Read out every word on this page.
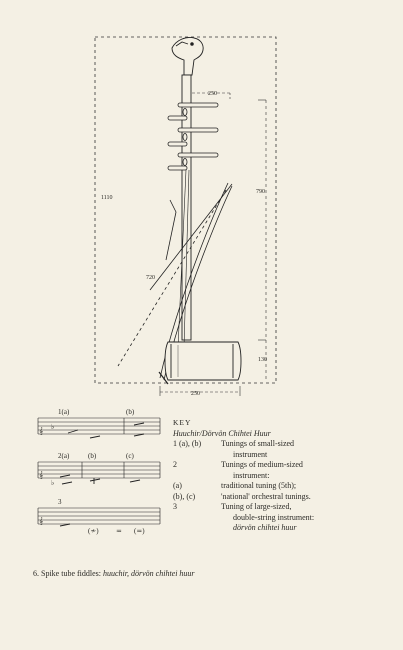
250
790
1110
130
250
720
𝄞 ♭
1(a)	(b)
𝄞
♭
2(a)	(b)	(c)
𝄞
3
(≁) ≂ (≂)
KEY
Huuchir/Dörvön Chihtei Huur
1 (a), (b)	Tunings of small-sized
instrument
2	Tunings of medium-sized
instrument:
(a)	traditional tuning (5th);
(b), (c)	'national' orchestral tunings.
3	Tuning of large-sized,
double-string instrument:
dörvön chihtei huur
6. Spike tube fiddles: huuchir, dörvön chihtei huur
